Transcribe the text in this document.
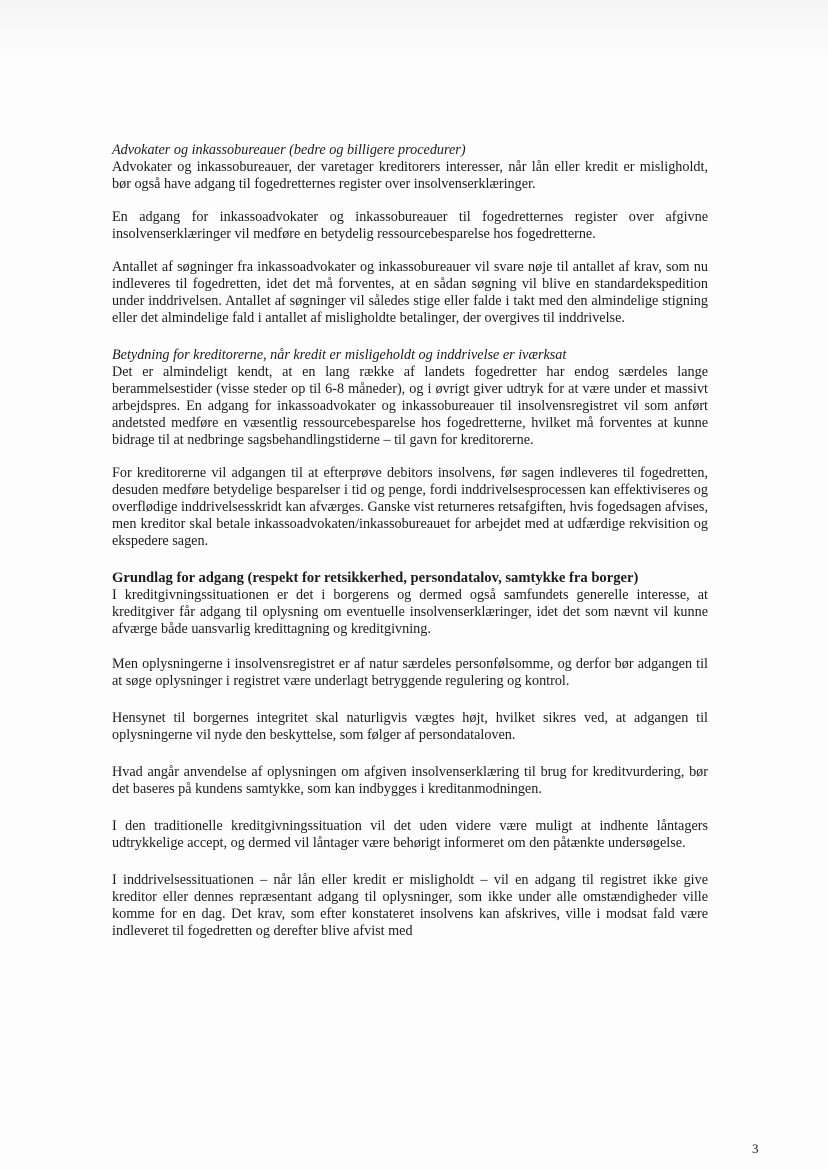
Advokater og inkassobureauer (bedre og billigere procedurer)
Advokater og inkassobureauer, der varetager kreditorers interesser, når lån eller kredit er misligholdt, bør også have adgang til fogedretternes register over insolvenserklæringer.

En adgang for inkassoadvokater og inkassobureauer til fogedretternes register over afgivne insolvenserklæringer vil medføre en betydelig ressourcebesparelse hos fogedretterne.

Antallet af søgninger fra inkassoadvokater og inkassobureauer vil svare nøje til antallet af krav, som nu indleveres til fogedretten, idet det må forventes, at en sådan søgning vil blive en standardekspedition under inddrivelsen. Antallet af søgninger vil således stige eller falde i takt med den almindelige stigning eller det almindelige fald i antallet af misligholdte betalinger, der overgives til inddrivelse.

Betydning for kreditorerne, når kredit er misligeholdt og inddrivelse er iværksat
Det er almindeligt kendt, at en lang række af landets fogedretter har endog særdeles lange berammelsestider (visse steder op til 6-8 måneder), og i øvrigt giver udtryk for at være under et massivt arbejdspres. En adgang for inkassoadvokater og inkassobureauer til insolvensregistret vil som anført andetsted medføre en væsentlig ressourcebesparelse hos fogedretterne, hvilket må forventes at kunne bidrage til at nedbringe sagsbehandlingstiderne – til gavn for kreditorerne.

For kreditorerne vil adgangen til at efterprøve debitors insolvens, før sagen indleveres til fogedretten, desuden medføre betydelige besparelser i tid og penge, fordi inddrivelsesprocessen kan effektiviseres og overflødige inddrivelsesskridt kan afværges. Ganske vist returneres retsafgiften, hvis fogedsagen afvises, men kreditor skal betale inkassoadvokaten/inkassobureauet for arbejdet med at udfærdige rekvisition og ekspedere sagen.

Grundlag for adgang (respekt for retsikkerhed, persondatalov, samtykke fra borger)
I kreditgivningssituationen er det i borgerens og dermed også samfundets generelle interesse, at kreditgiver får adgang til oplysning om eventuelle insolvenserklæringer, idet det som nævnt vil kunne afværge både uansvarlig kredittagning og kreditgivning.

Men oplysningerne i insolvensregistret er af natur særdeles personfølsomme, og derfor bør adgangen til at søge oplysninger i registret være underlagt betryggende regulering og kontrol.

Hensynet til borgernes integritet skal naturligvis vægtes højt, hvilket sikres ved, at adgangen til oplysningerne vil nyde den beskyttelse, som følger af persondataloven.

Hvad angår anvendelse af oplysningen om afgiven insolvenserklæring til brug for kreditvurdering, bør det baseres på kundens samtykke, som kan indbygges i kreditanmodningen.

I den traditionelle kreditgivningssituation vil det uden videre være muligt at indhente låntagers udtrykkelige accept, og dermed vil låntager være behørigt informeret om den påtænkte undersøgelse.

I inddrivelsessituationen – når lån eller kredit er misligholdt – vil en adgang til registret ikke give kreditor eller dennes repræsentant adgang til oplysninger, som ikke under alle omstændigheder ville komme for en dag. Det krav, som efter konstateret insolvens kan afskrives, ville i modsat fald være indleveret til fogedretten og derefter blive afvist med

3
